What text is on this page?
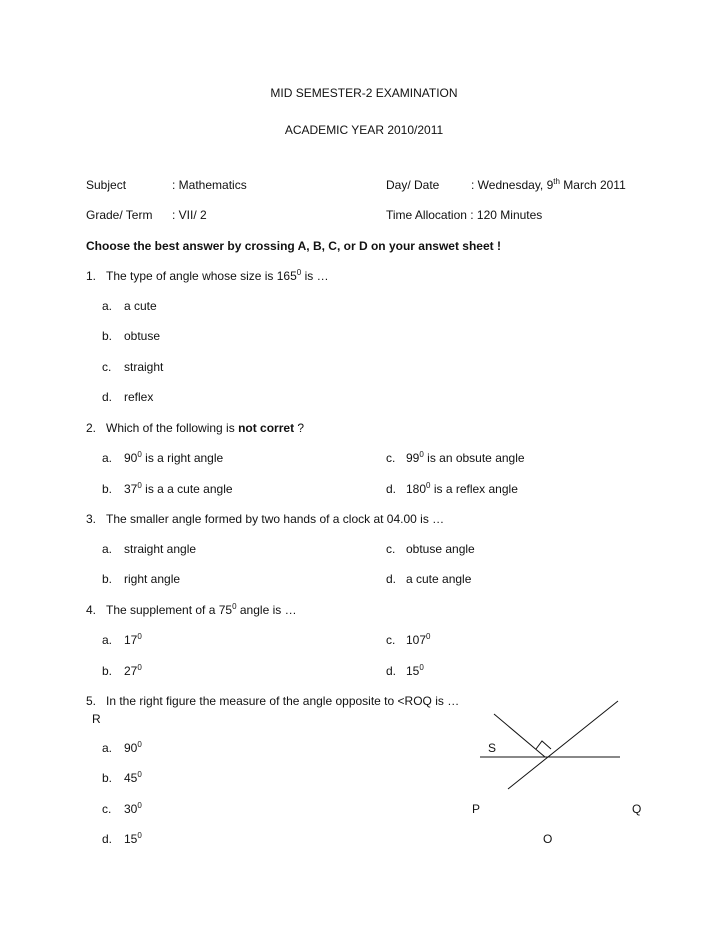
MID SEMESTER-2 EXAMINATION
ACADEMIC YEAR 2010/2011
Subject	: Mathematics	Day/ Date	: Wednesday, 9th March 2011
Grade/ Term : VII/ 2	Time Allocation : 120 Minutes
Choose the best answer by crossing A, B, C, or D on your answet sheet !
1. The type of angle whose size is $165^0$ is …
a. a cute
b. obtuse
c. straight
d. reflex
2. Which of the following is not corret ?
a. $90^0$ is a right angle	c. $99^0$ is an obsute angle
b. $37^0$ is a a cute angle	d. $180^0$ is a reflex angle
3. The smaller angle formed by two hands of a clock at 04.00 is …
a. straight angle	c. obtuse angle
b. right angle	d. a cute angle
4. The supplement of a $75^0$ angle is …
a. $17^0$	c. $107^0$
b. $27^0$	d. $15^0$
5. In the right figure the measure of the angle opposite to <ROQ is …
a. $90^0$
b. $45^0$
c. $30^0$
d. $15^0$
R
S
P	Q
O
